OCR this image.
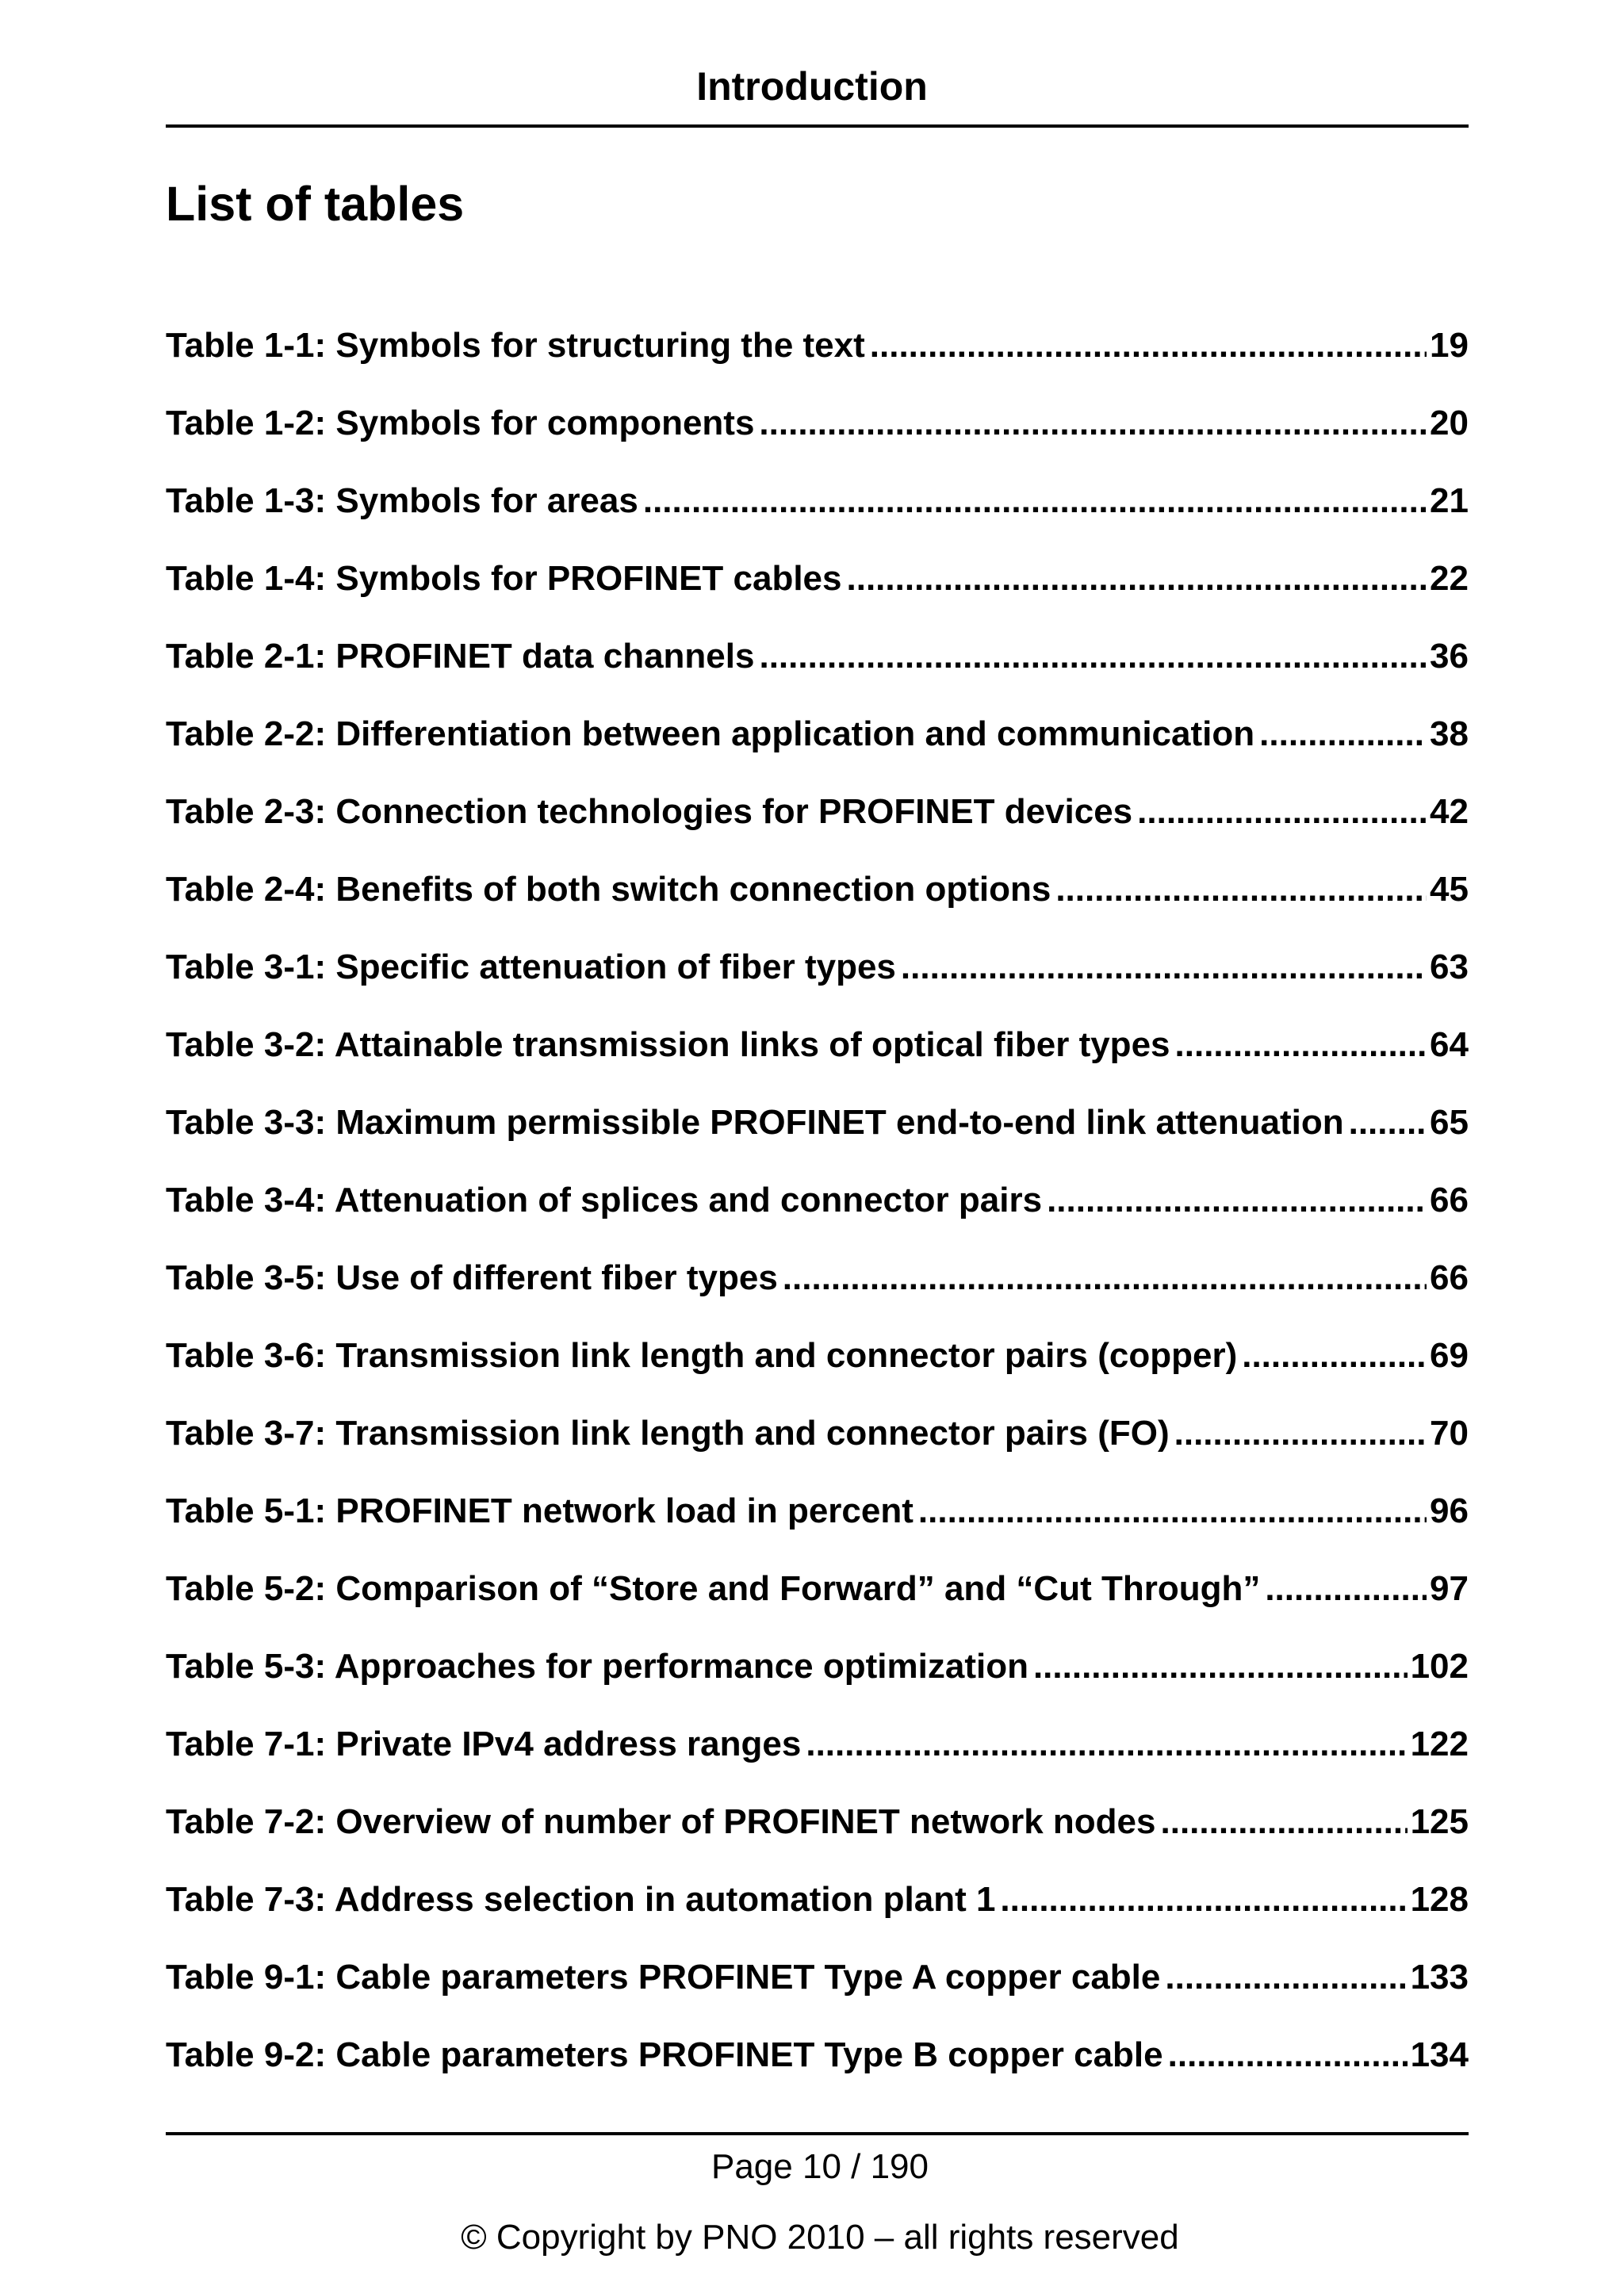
Introduction
List of tables
Table 1-1: Symbols for structuring the text .....	19
Table 1-2: Symbols for components .....	20
Table 1-3: Symbols for areas .....	21
Table 1-4: Symbols for PROFINET cables .....	22
Table 2-1: PROFINET data channels .....	36
Table 2-2: Differentiation between application and communication .....	38
Table 2-3: Connection technologies for PROFINET devices .....	42
Table 2-4: Benefits of both switch connection options .....	45
Table 3-1: Specific attenuation of fiber types .....	63
Table 3-2: Attainable transmission links of optical fiber types .....	64
Table 3-3: Maximum permissible PROFINET end-to-end link attenuation ..... 65
Table 3-4: Attenuation of splices and connector pairs .....	66
Table 3-5: Use of different fiber types .....	66
Table 3-6: Transmission link length and connector pairs (copper) .....	69
Table 3-7: Transmission link length and connector pairs (FO) .....	70
Table 5-1: PROFINET network load in percent .....	96
Table 5-2: Comparison of “Store and Forward” and “Cut Through” .....	97
Table 5-3: Approaches for performance optimization .....	102
Table 7-1: Private IPv4 address ranges .....	122
Table 7-2: Overview of number of PROFINET network nodes .....	125
Table 7-3: Address selection in automation plant 1 .....	128
Table 9-1: Cable parameters PROFINET Type A copper cable .....	133
Table 9-2: Cable parameters PROFINET Type B copper cable .....	134
Page 10 / 190
© Copyright by PNO 2010 – all rights reserved
